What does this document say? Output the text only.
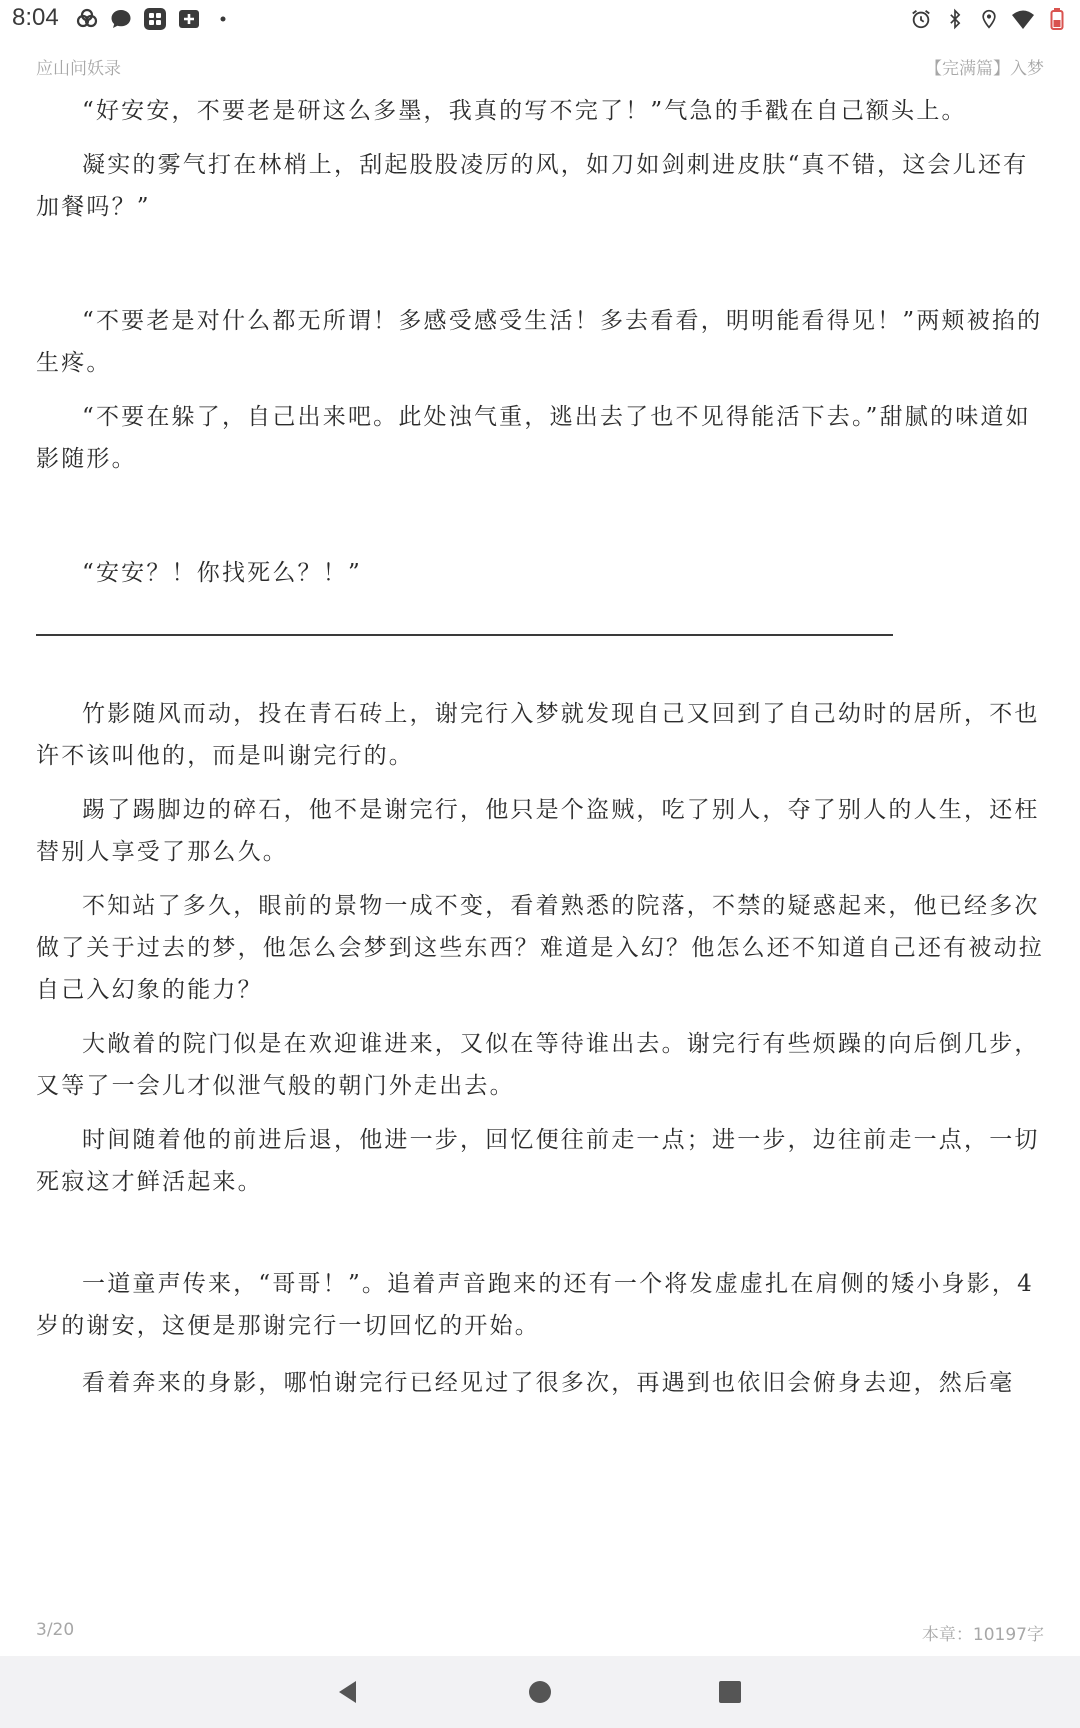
8:04
应山问妖录	【完满篇】入梦

“好安安，不要老是研这么多墨，我真的写不完了！”气急的手戳在自己额头上。

凝实的雾气打在林梢上，刮起股股凌厉的风，如刀如剑刺进皮肤“真不错，这会儿还有加餐吗？”

“不要老是对什么都无所谓！多感受感受生活！多去看看，明明能看得见！”两颊被掐的生疼。

“不要在躲了，自己出来吧。此处浊气重，逃出去了也不见得能活下去。”甜腻的味道如影随形。

“安安？！你找死么？！”

竹影随风而动，投在青石砖上，谢完行入梦就发现自己又回到了自己幼时的居所，不也许不该叫他的，而是叫谢完行的。

踢了踢脚边的碎石，他不是谢完行，他只是个盗贼，吃了别人，夺了别人的人生，还枉替别人享受了那么久。

不知站了多久，眼前的景物一成不变，看着熟悉的院落，不禁的疑惑起来，他已经多次做了关于过去的梦，他怎么会梦到这些东西？难道是入幻？他怎么还不知道自己还有被动拉自己入幻象的能力？

大敞着的院门似是在欢迎谁进来，又似在等待谁出去。谢完行有些烦躁的向后倒几步，又等了一会儿才似泄气般的朝门外走出去。

时间随着他的前进后退，他进一步，回忆便往前走一点；进一步，边往前走一点，一切死寂这才鲜活起来。

一道童声传来，“哥哥！”。追着声音跑来的还有一个将发虚虚扎在肩侧的矮小身影，4岁的谢安，这便是那谢完行一切回忆的开始。

看着奔来的身影，哪怕谢完行已经见过了很多次，再遇到也依旧会俯身去迎，然后毫

3/20	本章：10197字
